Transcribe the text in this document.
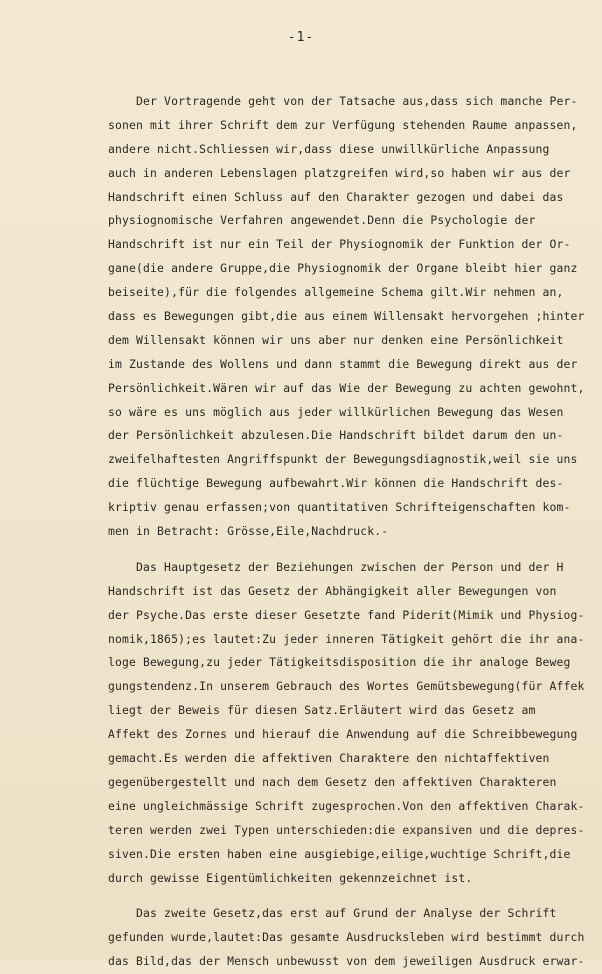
-1-
Der Vortragende geht von der Tatsache aus,dass sich manche Per-
sonen mit ihrer Schrift dem zur Verfügung stehenden Raume anpassen,
andere nicht.Schliessen wir,dass diese unwillkürliche Anpassung
auch in anderen Lebenslagen platzgreifen wird,so haben wir aus der
Handschrift einen Schluss auf den Charakter gezogen und dabei das
physiognomische Verfahren angewendet.Denn die Psychologie der
Handschrift ist nur ein Teil der Physiognomik der Funktion der Or-
gane(die andere Gruppe,die Physiognomik der Organe bleibt hier ganz
beiseite),für die folgendes allgemeine Schema gilt.Wir nehmen an,
dass es Bewegungen gibt,die aus einem Willensakt hervorgehen ;hinter
dem Willensakt können wir uns aber nur denken eine Persönlichkeit
im Zustande des Wollens und dann stammt die Bewegung direkt aus der
Persönlichkeit.Wären wir auf das Wie der Bewegung zu achten gewohnt,
so wäre es uns möglich aus jeder willkürlichen Bewegung das Wesen
der Persönlichkeit abzulesen.Die Handschrift bildet darum den un-
zweifelhaftesten Angriffspunkt der Bewegungsdiagnostik,weil sie uns
die flüchtige Bewegung aufbewahrt.Wir können die Handschrift des-
kriptiv genau erfassen;von quantitativen Schrifteigenschaften kom-
men in Betracht: Grösse,Eile,Nachdruck.-
Das Hauptgesetz der Beziehungen zwischen der Person und der H
Handschrift ist das Gesetz der Abhängigkeit aller Bewegungen von
der Psyche.Das erste dieser Gesetzte fand Piderit(Mimik und Physiog-
nomik,1865);es lautet:Zu jeder inneren Tätigkeit gehört die ihr ana-
loge Bewegung,zu jeder Tätigkeitsdisposition die ihr analoge Beweg
gungstendenz.In unserem Gebrauch des Wortes Gemütsbewegung(für Affek
liegt der Beweis für diesen Satz.Erläutert wird das Gesetz am
Affekt des Zornes und hierauf die Anwendung auf die Schreibbewegung
gemacht.Es werden die affektiven Charaktere den nichtaffektiven
gegenübergestellt und nach dem Gesetz den affektiven Charakteren
eine ungleichmässige Schrift zugesprochen.Von den affektiven Charak-
teren werden zwei Typen unterschieden:die expansiven und die depres-
siven.Die ersten haben eine ausgiebige,eilige,wuchtige Schrift,die
durch gewisse Eigentümlichkeiten gekennzeichnet ist.
Das zweite Gesetz,das erst auf Grund der Analyse der Schrift
gefunden wurde,lautet:Das gesamte Ausdrucksleben wird bestimmt durch
das Bild,das der Mensch unbewusst von dem jeweiligen Ausdruck erwar-
